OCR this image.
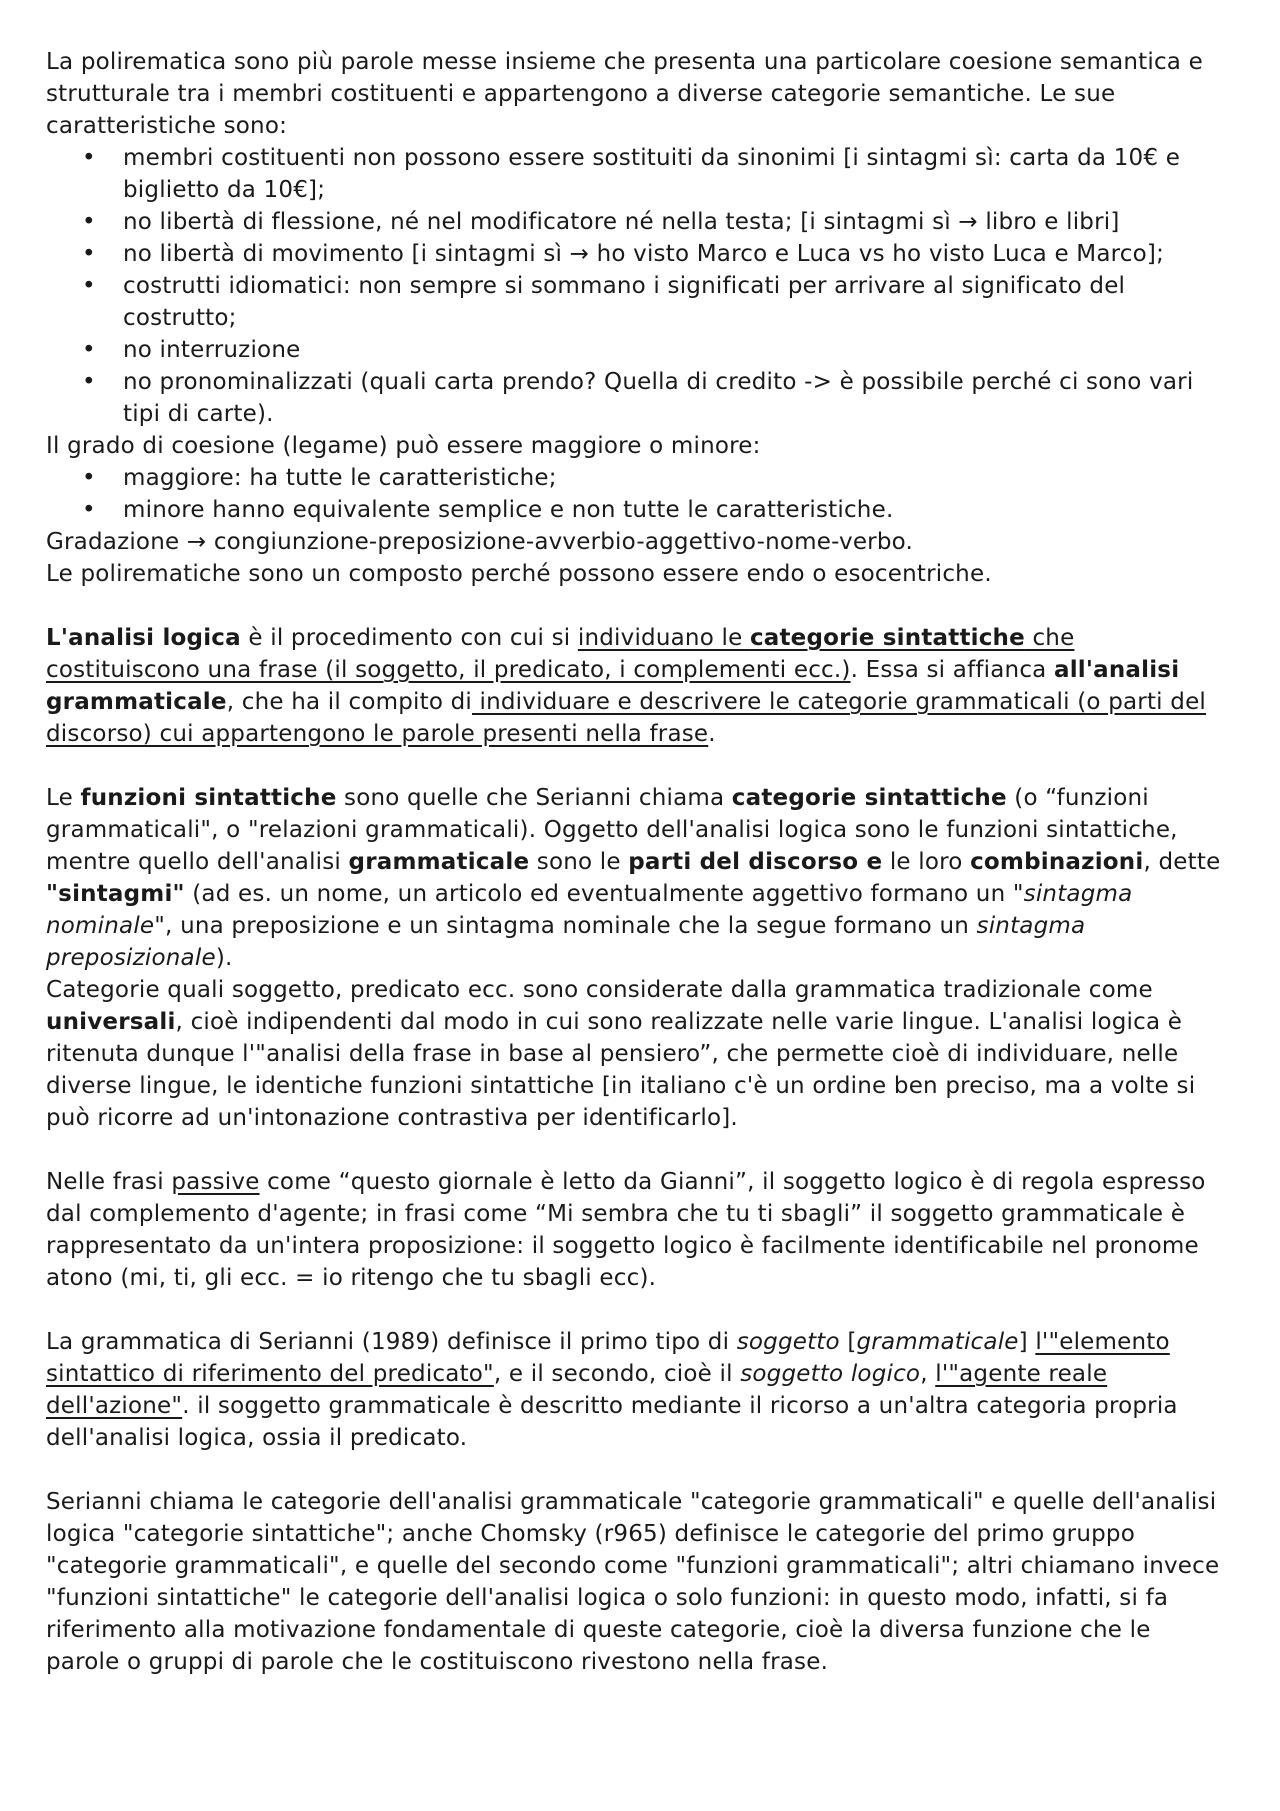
La polirematica sono più parole messe insieme che presenta una particolare coesione semantica e strutturale tra i membri costituenti e appartengono a diverse categorie semantiche. Le sue caratteristiche sono:

• membri costituenti non possono essere sostituiti da sinonimi [i sintagmi sì: carta da 10€ e biglietto da 10€];
• no libertà di flessione, né nel modificatore né nella testa; [i sintagmi sì → libro e libri]
• no libertà di movimento [i sintagmi sì → ho visto Marco e Luca vs ho visto Luca e Marco];
• costrutti idiomatici: non sempre si sommano i significati per arrivare al significato del costrutto;
• no interruzione
• no pronominalizzati (quali carta prendo? Quella di credito -> è possibile perché ci sono vari tipi di carte).

Il grado di coesione (legame) può essere maggiore o minore:

• maggiore: ha tutte le caratteristiche;
• minore hanno equivalente semplice e non tutte le caratteristiche.

Gradazione → congiunzione-preposizione-avverbio-aggettivo-nome-verbo.

Le polirematiche sono un composto perché possono essere endo o esocentriche.

L'analisi logica è il procedimento con cui si individuano le categorie sintattiche che costituiscono una frase (il soggetto, il predicato, i complementi ecc.). Essa si affianca all'analisi grammaticale, che ha il compito di individuare e descrivere le categorie grammaticali (o parti del discorso) cui appartengono le parole presenti nella frase.

Le funzioni sintattiche sono quelle che Serianni chiama categorie sintattiche (o “funzioni grammaticali", o "relazioni grammaticali). Oggetto dell'analisi logica sono le funzioni sintattiche, mentre quello dell'analisi grammaticale sono le parti del discorso e le loro combinazioni, dette "sintagmi" (ad es. un nome, un articolo ed eventualmente aggettivo formano un "sintagma nominale", una preposizione e un sintagma nominale che la segue formano un sintagma preposizionale).

Categorie quali soggetto, predicato ecc. sono considerate dalla grammatica tradizionale come universali, cioè indipendenti dal modo in cui sono realizzate nelle varie lingue. L'analisi logica è ritenuta dunque l'"analisi della frase in base al pensiero”, che permette cioè di individuare, nelle diverse lingue, le identiche funzioni sintattiche [in italiano c'è un ordine ben preciso, ma a volte si può ricorre ad un'intonazione contrastiva per identificarlo].

Nelle frasi passive come “questo giornale è letto da Gianni”, il soggetto logico è di regola espresso dal complemento d'agente; in frasi come “Mi sembra che tu ti sbagli” il soggetto grammaticale è rappresentato da un'intera proposizione: il soggetto logico è facilmente identificabile nel pronome atono (mi, ti, gli ecc. = io ritengo che tu sbagli ecc).

La grammatica di Serianni (1989) definisce il primo tipo di soggetto [grammaticale] l'"elemento sintattico di riferimento del predicato", e il secondo, cioè il soggetto logico, l'"agente reale dell'azione". il soggetto grammaticale è descritto mediante il ricorso a un'altra categoria propria dell'analisi logica, ossia il predicato.

Serianni chiama le categorie dell'analisi grammaticale "categorie grammaticali" e quelle dell'analisi logica "categorie sintattiche"; anche Chomsky (r965) definisce le categorie del primo gruppo "categorie grammaticali", e quelle del secondo come "funzioni grammaticali"; altri chiamano invece "funzioni sintattiche" le categorie dell'analisi logica o solo funzioni: in questo modo, infatti, si fa riferimento alla motivazione fondamentale di queste categorie, cioè la diversa funzione che le parole o gruppi di parole che le costituiscono rivestono nella frase.
